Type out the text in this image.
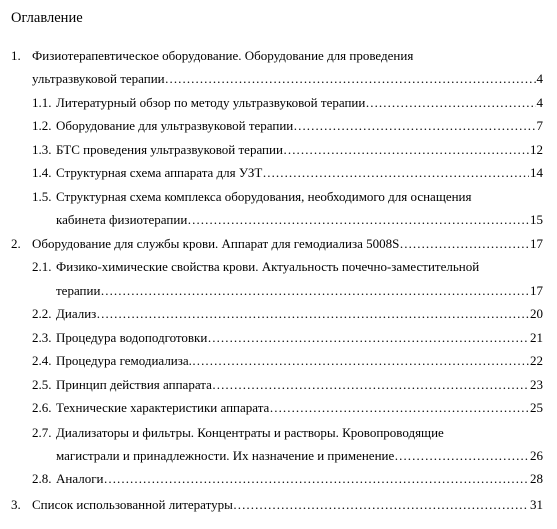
Оглавление
1. Физиотерапевтическое оборудование. Оборудование для проведения
ультразвуковой терапии ………………………………………………………………………………………………………………………………………………………………	4
1.1. Литературный обзор по методу ультразвуковой терапии ………………………………………………………………………………………………………………………………………………………………	4
1.2. Оборудование для ультразвуковой терапии ………………………………………………………………………………………………………………………………………………………………	7
1.3. БТС проведения ультразвуковой терапии ………………………………………………………………………………………………………………………………………………………………	12
1.4. Структурная схема аппарата для УЗТ ………………………………………………………………………………………………………………………………………………………………	14
1.5. Структурная схема комплекса оборудования, необходимого для оснащения
кабинета физиотерапии ………………………………………………………………………………………………………………………………………………………………	15
2. Оборудование для службы крови. Аппарат для гемодиализа 5008S ………………………………………………………………………………………………………………………………………………………………	17
2.1. Физико-химические свойства крови. Актуальность почечно-заместительной
терапии ………………………………………………………………………………………………………………………………………………………………	17
2.2. Диализ ………………………………………………………………………………………………………………………………………………………………	20
2.3. Процедура водоподготовки ………………………………………………………………………………………………………………………………………………………………	21
2.4. Процедура гемодиализа. ………………………………………………………………………………………………………………………………………………………………	22
2.5. Принцип действия аппарата ………………………………………………………………………………………………………………………………………………………………	23
2.6. Технические характеристики аппарата ………………………………………………………………………………………………………………………………………………………………	25
2.7. Диализаторы и фильтры. Концентраты и растворы. Кровопроводящие
магистрали и принадлежности. Их назначение и применение ………………………………………………………………………………………………………………………………………………………………	26
2.8. Аналоги ………………………………………………………………………………………………………………………………………………………………	28
3. Список использованной литературы ………………………………………………………………………………………………………………………………………………………………	31
